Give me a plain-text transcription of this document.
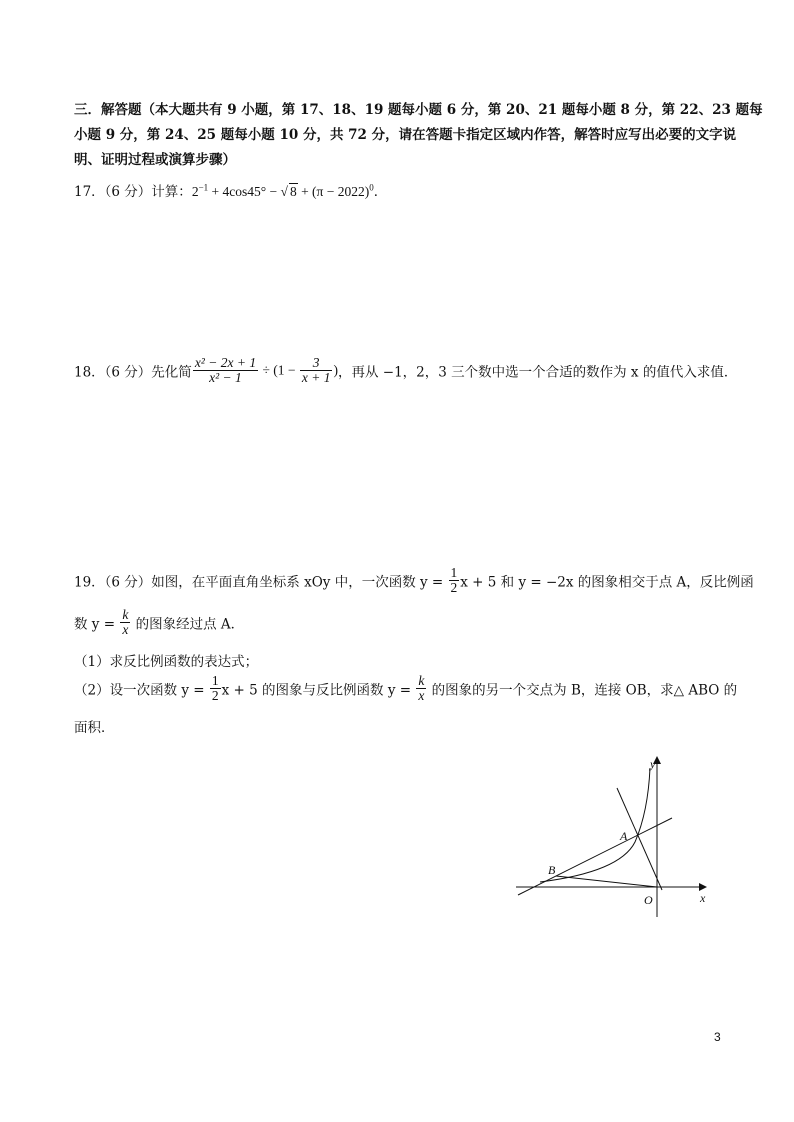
三．解答题（本大题共有 9 小题，第 17、18、19 题每小题 6 分，第 20、21 题每小题 8 分，第 22、23 题每
小题 9 分，第 24、25 题每小题 10 分，共 72 分，请在答题卡指定区域内作答，解答时应写出必要的文字说
明、证明过程或演算步骤）
17．（6 分）计算：$2^{-1} + 4\cos 45^\circ$ − √ $8 + (\pi - 2022)^0$．
18．（6 分）先化简 $\frac{\text{x² − 2x + 1}}{\text{x² − 1}} \div (1 - \frac{3}{x + 1}$ )，再从 −1，2，3 三个数中选一个合适的数作为 x 的值代入求值．
19．（6 分）如图，在平面直角坐标系 xOy 中，一次函数 $y = \frac{1}{2}$ x + 5 和 y = −2x 的图象相交于点 A，反比例函
数 $y = \frac{k}{x}$ 的图象经过点 A．
（1）求反比例函数的表达式；
（2）设一次函数 $y = \frac{1}{2}$ x + 5 的图象与反比例函数 $y = \frac{k}{x}$ 的图象的另一个交点为 B，连接 OB，求△ ABO 的
面积．
y
x
O
A
B
3
